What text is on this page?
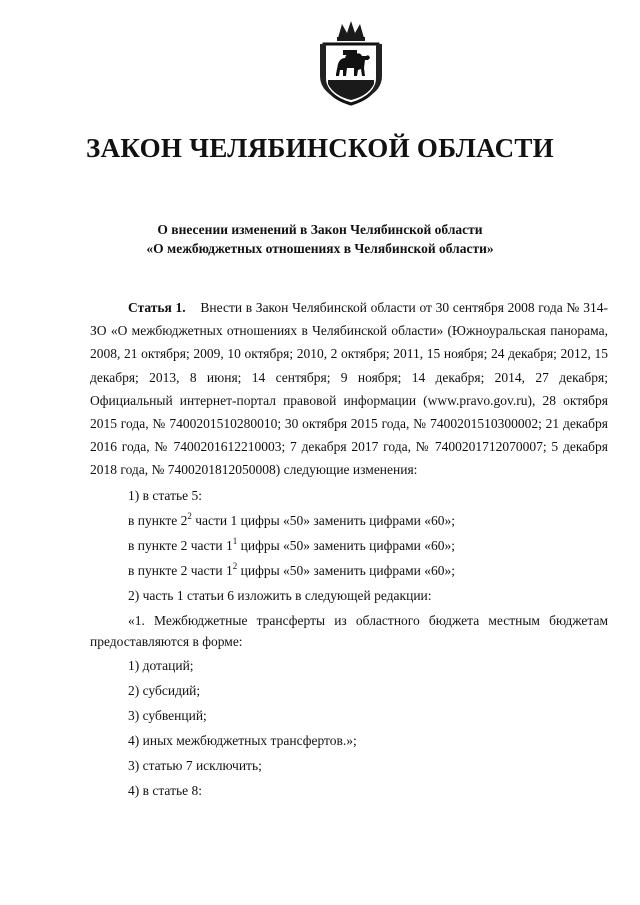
ЗАКОН ЧЕЛЯБИНСКОЙ ОБЛАСТИ
О внесении изменений в Закон Челябинской области
«О межбюджетных отношениях в Челябинской области»

Статья 1. Внести в Закон Челябинской области от 30 сентября 2008 года № 314-ЗО «О межбюджетных отношениях в Челябинской области» (Южноуральская панорама, 2008, 21 октября; 2009, 10 октября; 2010, 2 октября; 2011, 15 ноября; 24 декабря; 2012, 15 декабря; 2013, 8 июня; 14 сентября; 9 ноября; 14 декабря; 2014, 27 декабря; Официальный интернет-портал правовой информации (www.pravo.gov.ru), 28 октября 2015 года, № 7400201510280010; 30 октября 2015 года, № 7400201510300002; 21 декабря 2016 года, № 7400201612210003; 7 декабря 2017 года, № 7400201712070007; 5 декабря 2018 года, № 7400201812050008) следующие изменения:

1) в статье 5:

в пункте $2^2$ части 1 цифры «50» заменить цифрами «60»;

в пункте 2 части $1^1$ цифры «50» заменить цифрами «60»;

в пункте 2 части $1^2$ цифры «50» заменить цифрами «60»;

2) часть 1 статьи 6 изложить в следующей редакции:

«1. Межбюджетные трансферты из областного бюджета местным бюджетам предоставляются в форме:

1) дотаций;

2) субсидий;

3) субвенций;

4) иных межбюджетных трансфертов.»;

3) статью 7 исключить;

4) в статье 8:
